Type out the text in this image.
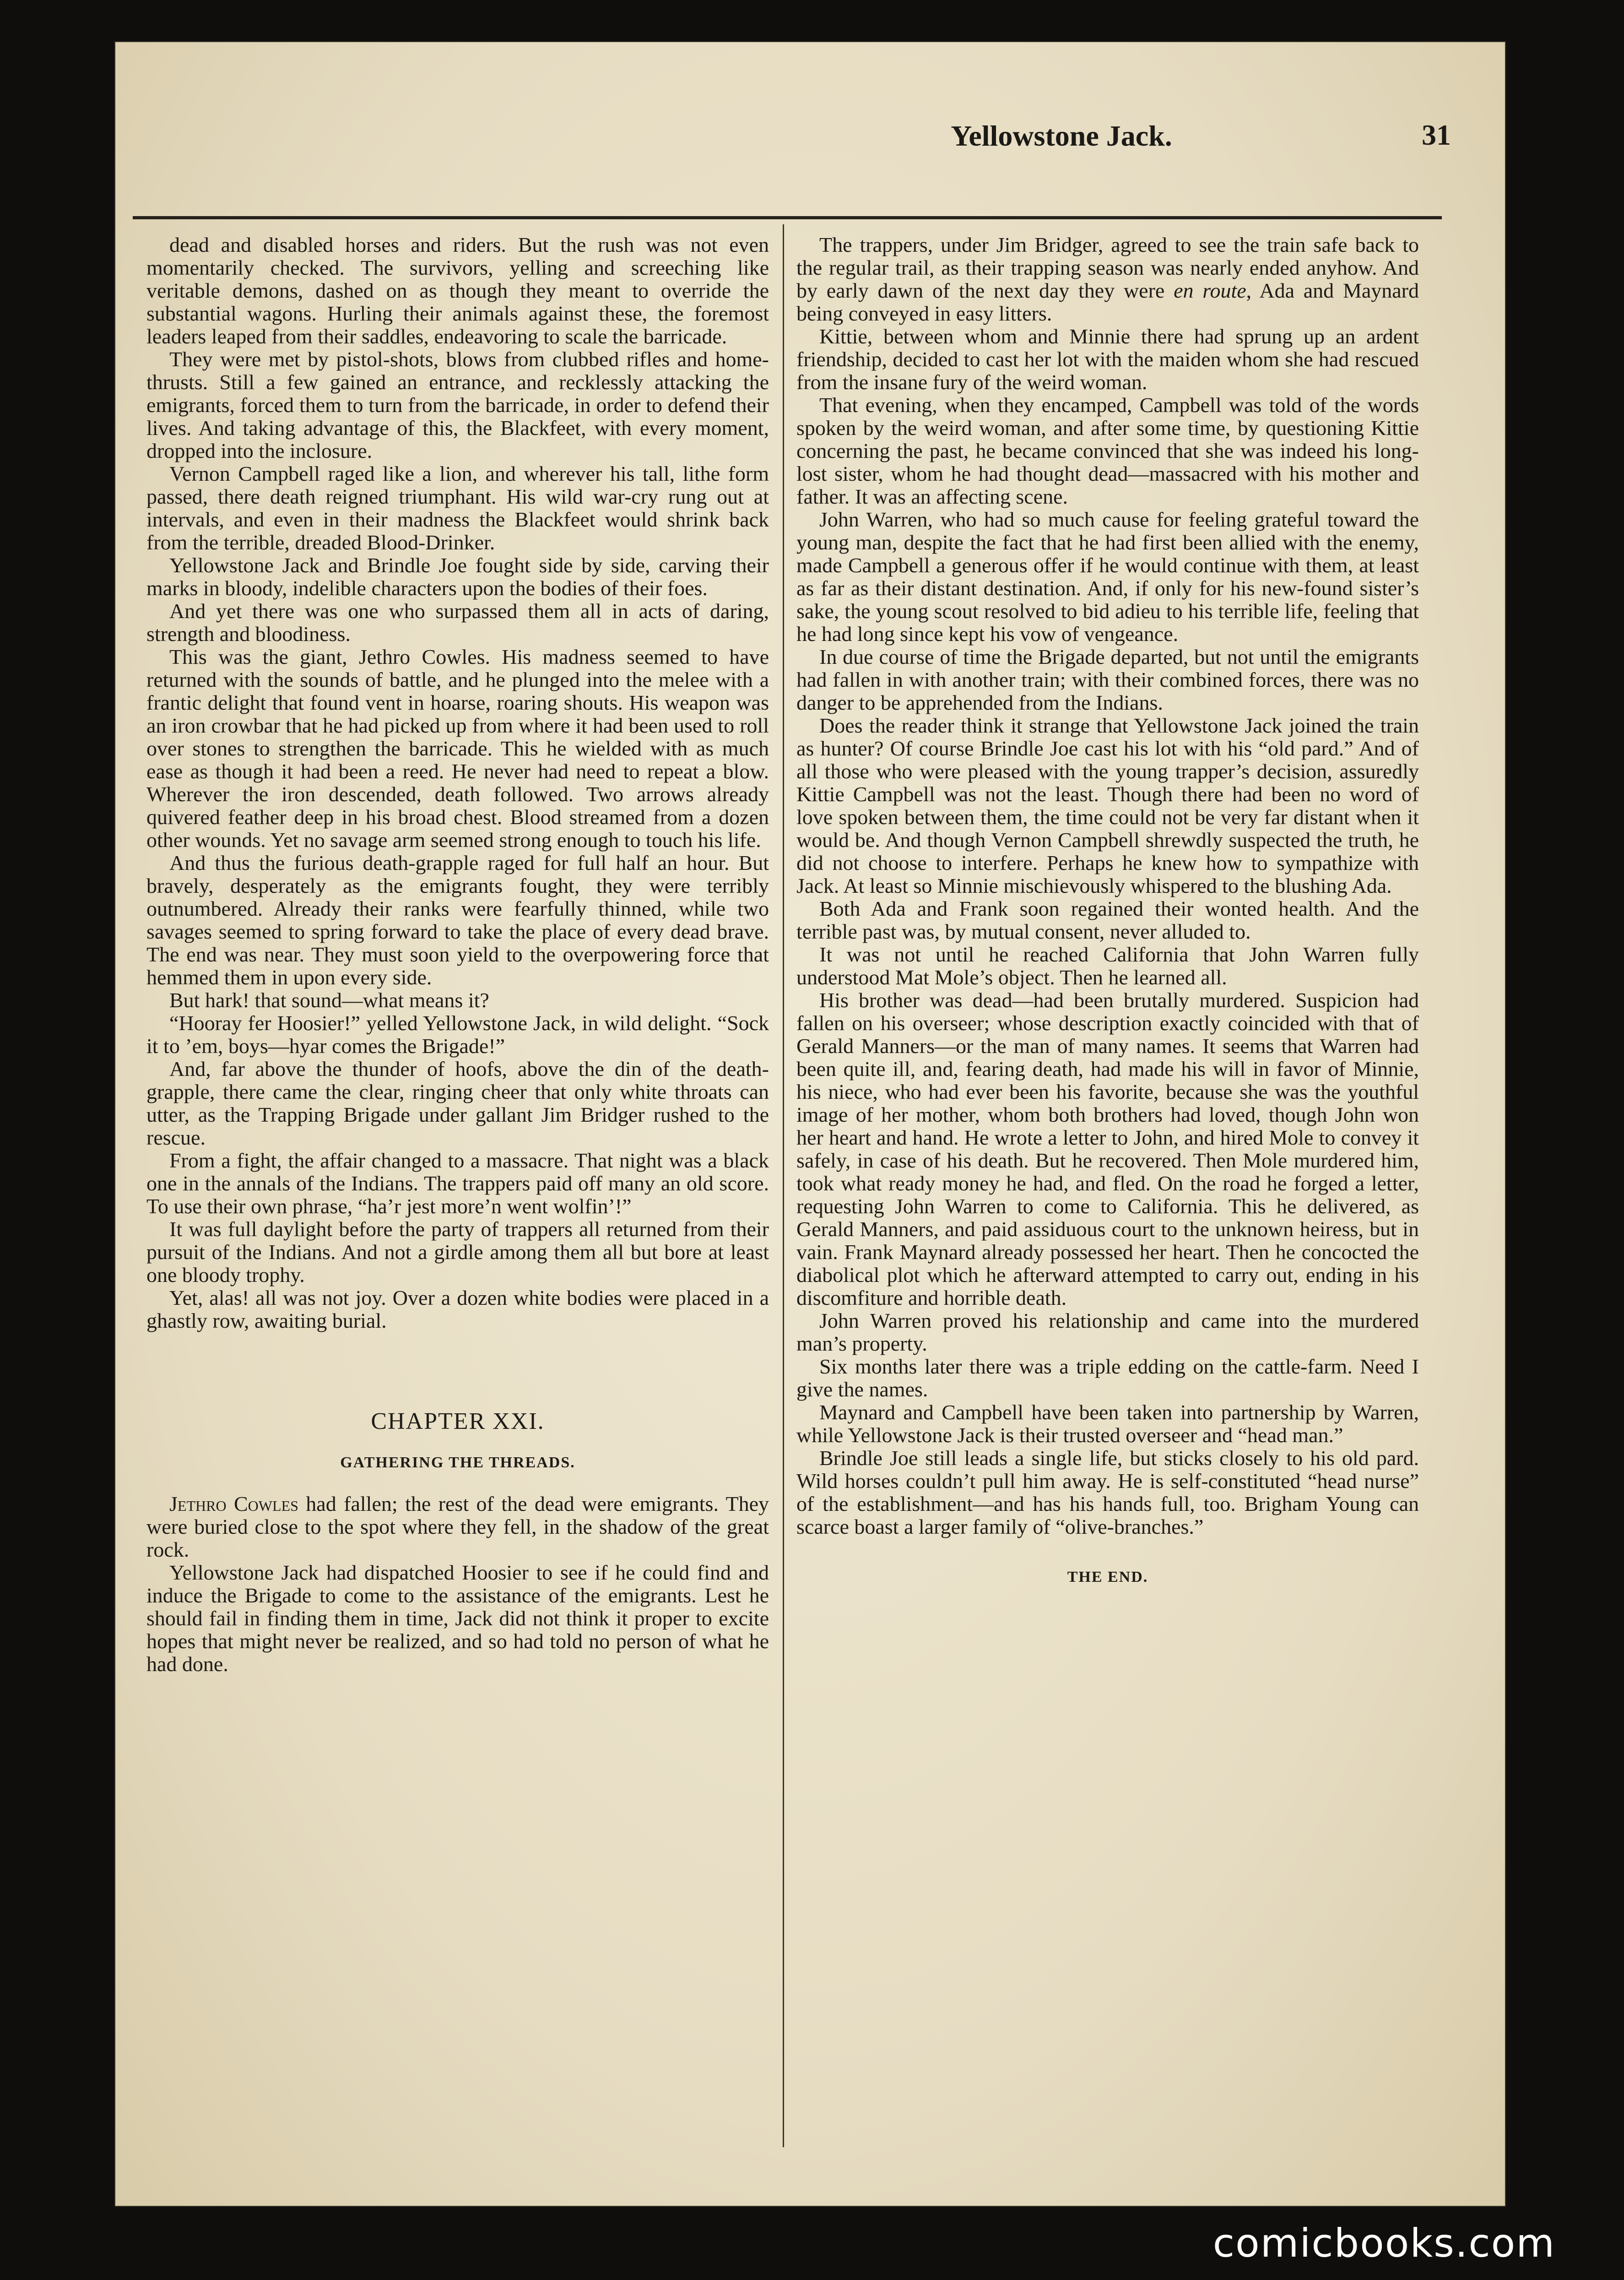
Yellowstone Jack.	31

dead and disabled horses and riders. But the rush was not even momentarily checked. The survivors, yelling and screeching like veritable demons, dashed on as though they meant to override the substantial wagons. Hurling their animals against these, the foremost leaders leaped from their saddles, endeavoring to scale the barricade.

They were met by pistol-shots, blows from clubbed rifles and home-thrusts. Still a few gained an entrance, and recklessly attacking the emigrants, forced them to turn from the barricade, in order to defend their lives. And taking advantage of this, the Blackfeet, with every moment, dropped into the inclosure.

Vernon Campbell raged like a lion, and wherever his tall, lithe form passed, there death reigned triumphant. His wild war-cry rung out at intervals, and even in their madness the Blackfeet would shrink back from the terrible, dreaded Blood-Drinker.

Yellowstone Jack and Brindle Joe fought side by side, carving their marks in bloody, indelible characters upon the bodies of their foes.

And yet there was one who surpassed them all in acts of daring, strength and bloodiness.

This was the giant, Jethro Cowles. His madness seemed to have returned with the sounds of battle, and he plunged into the melee with a frantic delight that found vent in hoarse, roaring shouts. His weapon was an iron crowbar that he had picked up from where it had been used to roll over stones to strengthen the barricade. This he wielded with as much ease as though it had been a reed. He never had need to repeat a blow. Wherever the iron descended, death followed. Two arrows already quivered feather deep in his broad chest. Blood streamed from a dozen other wounds. Yet no savage arm seemed strong enough to touch his life.

And thus the furious death-grapple raged for full half an hour. But bravely, desperately as the emigrants fought, they were terribly outnumbered. Already their ranks were fearfully thinned, while two savages seemed to spring forward to take the place of every dead brave. The end was near. They must soon yield to the overpowering force that hemmed them in upon every side.

But hark! that sound—what means it?

“Hooray fer Hoosier!” yelled Yellowstone Jack, in wild delight. “Sock it to ’em, boys—hyar comes the Brigade!”

And, far above the thunder of hoofs, above the din of the death-grapple, there came the clear, ringing cheer that only white throats can utter, as the Trapping Brigade under gallant Jim Bridger rushed to the rescue.

From a fight, the affair changed to a massacre. That night was a black one in the annals of the Indians. The trappers paid off many an old score. To use their own phrase, “ha’r jest more’n went wolfin’!”

It was full daylight before the party of trappers all returned from their pursuit of the Indians. And not a girdle among them all but bore at least one bloody trophy.

Yet, alas! all was not joy. Over a dozen white bodies were placed in a ghastly row, awaiting burial.

CHAPTER XXI.
GATHERING THE THREADS.

Jethro Cowles had fallen; the rest of the dead were emigrants. They were buried close to the spot where they fell, in the shadow of the great rock.

Yellowstone Jack had dispatched Hoosier to see if he could find and induce the Brigade to come to the assistance of the emigrants. Lest he should fail in finding them in time, Jack did not think it proper to excite hopes that might never be realized, and so had told no person of what he had done.

The trappers, under Jim Bridger, agreed to see the train safe back to the regular trail, as their trapping season was nearly ended anyhow. And by early dawn of the next day they were en route, Ada and Maynard being conveyed in easy litters.

Kittie, between whom and Minnie there had sprung up an ardent friendship, decided to cast her lot with the maiden whom she had rescued from the insane fury of the weird woman.

That evening, when they encamped, Campbell was told of the words spoken by the weird woman, and after some time, by questioning Kittie concerning the past, he became convinced that she was indeed his long-lost sister, whom he had thought dead—massacred with his mother and father. It was an affecting scene.

John Warren, who had so much cause for feeling grateful toward the young man, despite the fact that he had first been allied with the enemy, made Campbell a generous offer if he would continue with them, at least as far as their distant destination. And, if only for his new-found sister’s sake, the young scout resolved to bid adieu to his terrible life, feeling that he had long since kept his vow of vengeance.

In due course of time the Brigade departed, but not until the emigrants had fallen in with another train; with their combined forces, there was no danger to be apprehended from the Indians.

Does the reader think it strange that Yellowstone Jack joined the train as hunter? Of course Brindle Joe cast his lot with his “old pard.” And of all those who were pleased with the young trapper’s decision, assuredly Kittie Campbell was not the least. Though there had been no word of love spoken between them, the time could not be very far distant when it would be. And though Vernon Campbell shrewdly suspected the truth, he did not choose to interfere. Perhaps he knew how to sympathize with Jack. At least so Minnie mischievously whispered to the blushing Ada.

Both Ada and Frank soon regained their wonted health. And the terrible past was, by mutual consent, never alluded to.

It was not until he reached California that John Warren fully understood Mat Mole’s object. Then he learned all.

His brother was dead—had been brutally murdered. Suspicion had fallen on his overseer; whose description exactly coincided with that of Gerald Manners—or the man of many names. It seems that Warren had been quite ill, and, fearing death, had made his will in favor of Minnie, his niece, who had ever been his favorite, because she was the youthful image of her mother, whom both brothers had loved, though John won her heart and hand. He wrote a letter to John, and hired Mole to convey it safely, in case of his death. But he recovered. Then Mole murdered him, took what ready money he had, and fled. On the road he forged a letter, requesting John Warren to come to California. This he delivered, as Gerald Manners, and paid assiduous court to the unknown heiress, but in vain. Frank Maynard already possessed her heart. Then he concocted the diabolical plot which he afterward attempted to carry out, ending in his discomfiture and horrible death.

John Warren proved his relationship and came into the murdered man’s property.

Six months later there was a triple edding on the cattle-farm. Need I give the names.

Maynard and Campbell have been taken into partnership by Warren, while Yellowstone Jack is their trusted overseer and “head man.”

Brindle Joe still leads a single life, but sticks closely to his old pard. Wild horses couldn’t pull him away. He is self-constituted “head nurse” of the establishment—and has his hands full, too. Brigham Young can scarce boast a larger family of “olive-branches.”

THE END.
comicbooks.com
